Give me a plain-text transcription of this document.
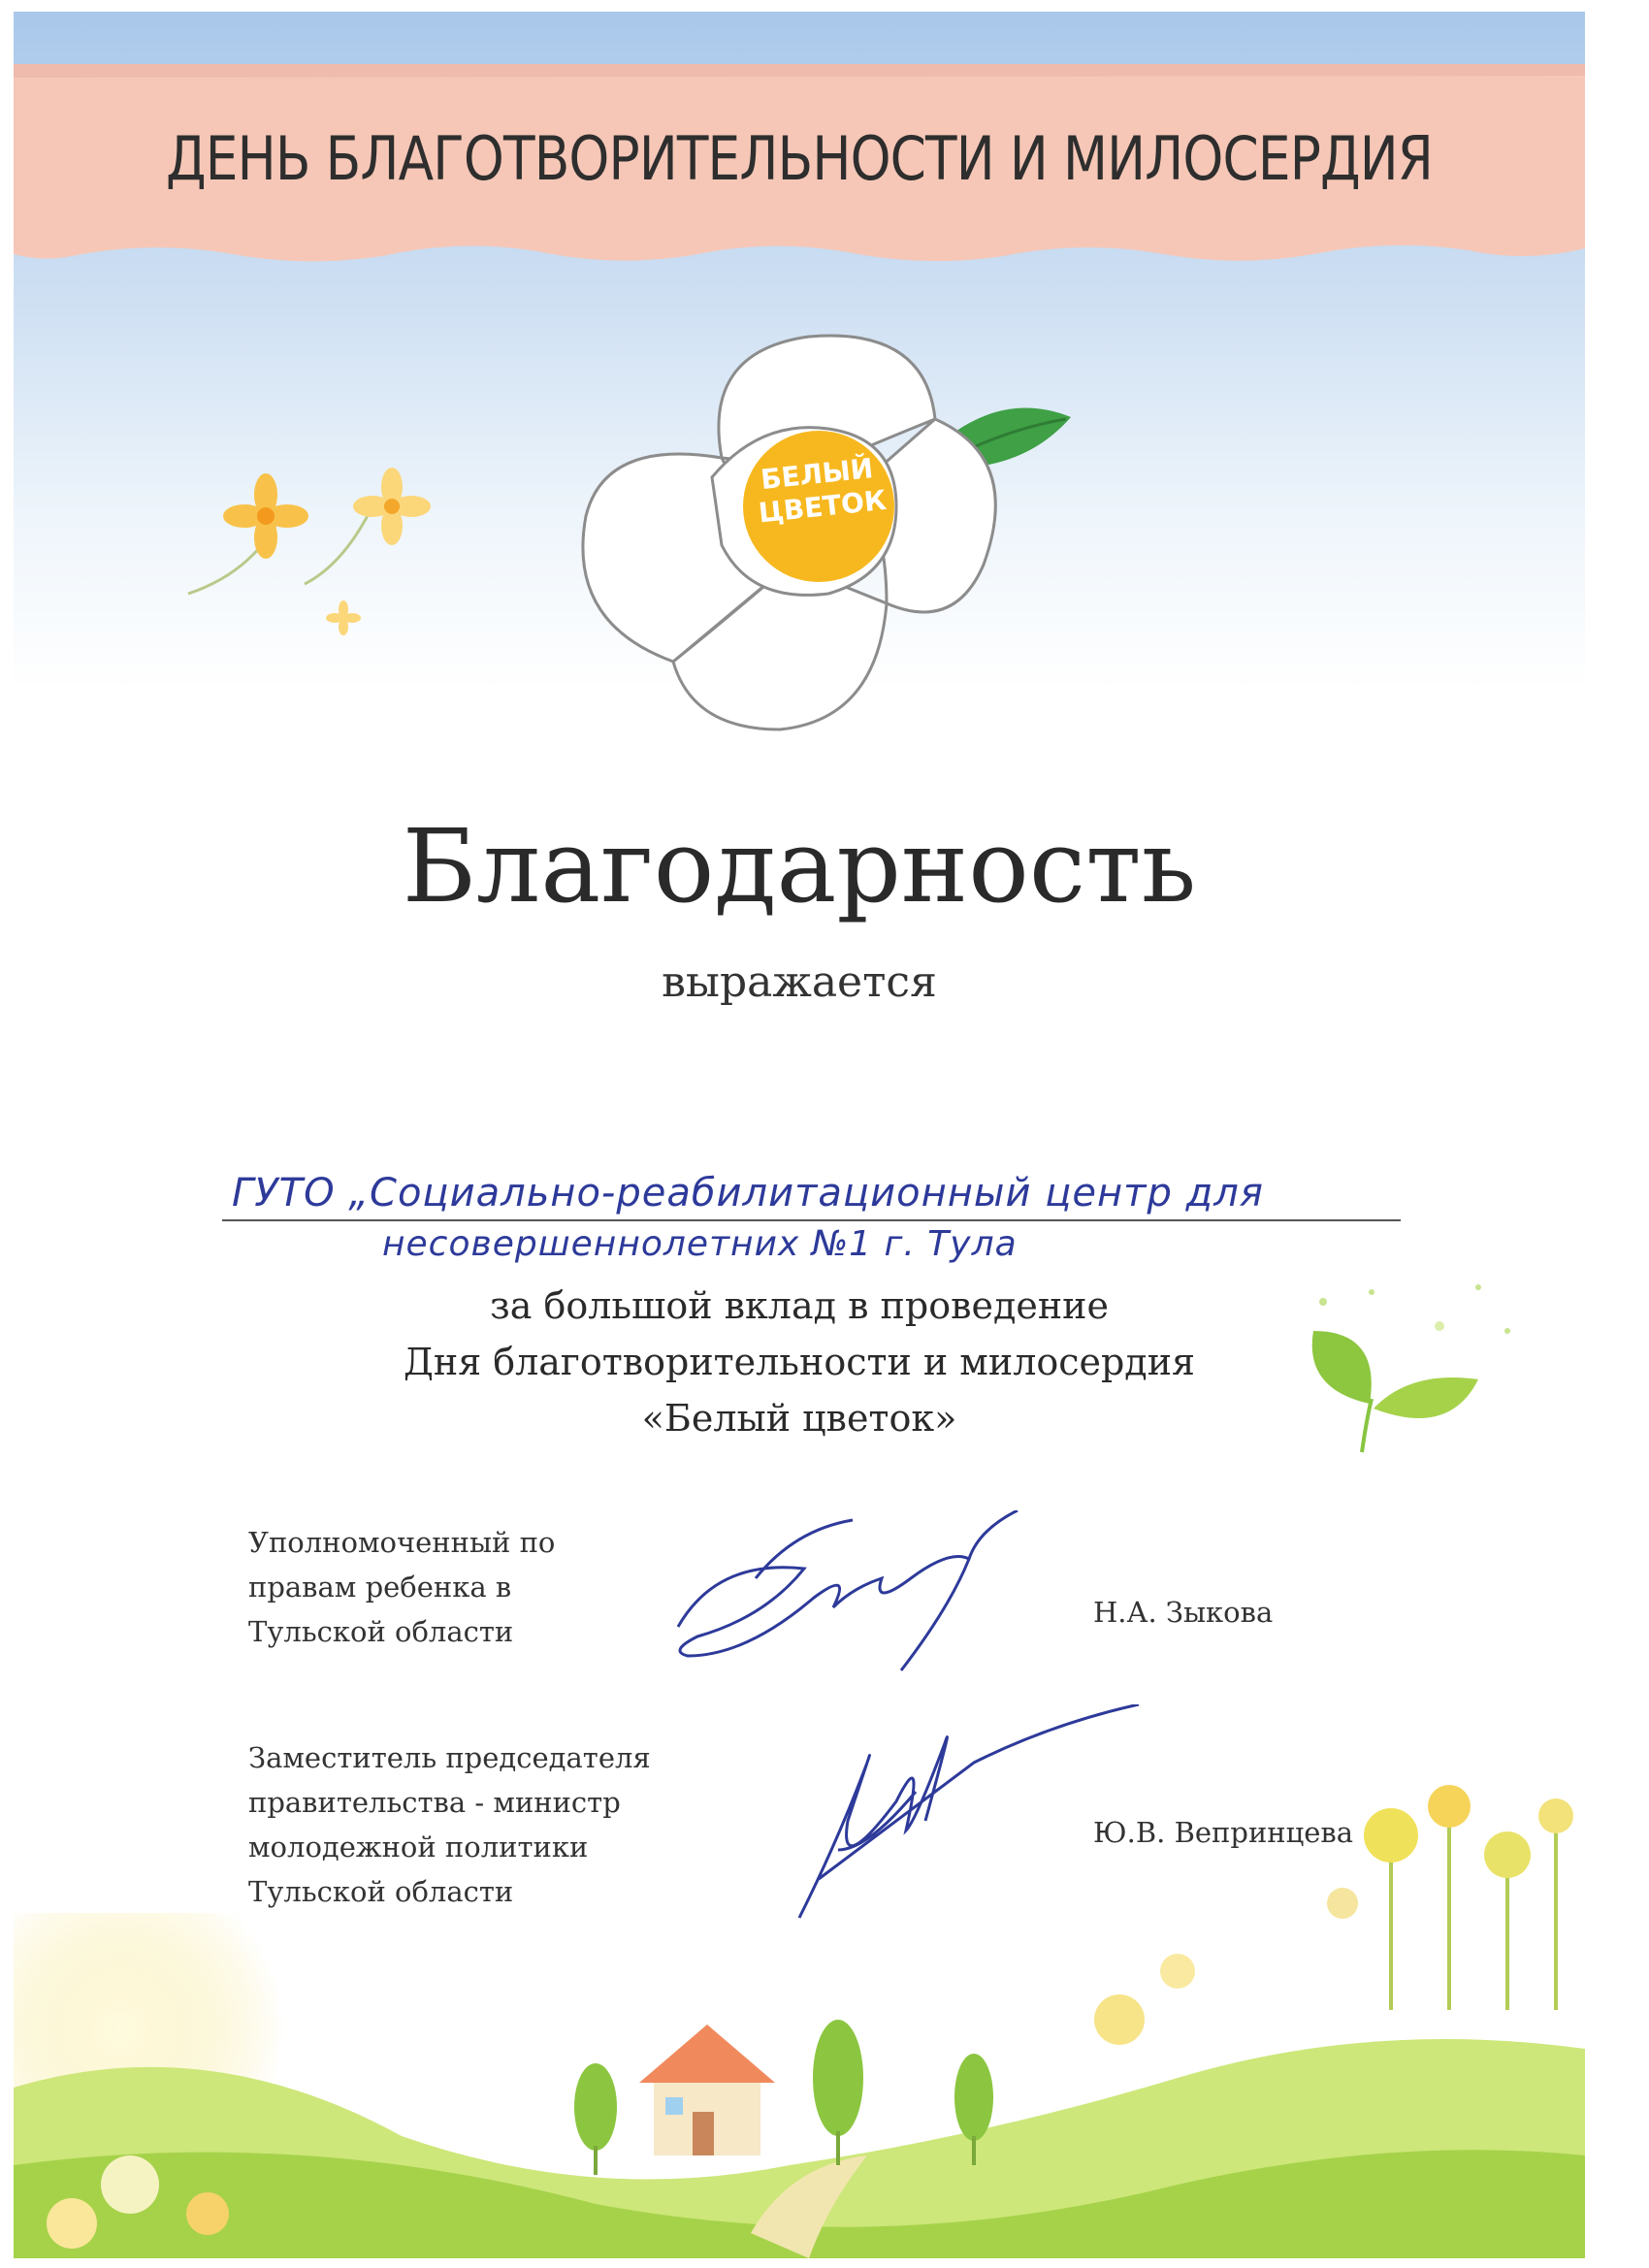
ДЕНЬ БЛАГОТВОРИТЕЛЬНОСТИ И МИЛОСЕРДИЯ
БЕЛЫЙ
ЦВЕТОК
Благодарность
выражается
ГУТО „Социально-реабилитационный центр для
несовершеннолетних №1 г. Тула
за большой вклад в проведение
Дня благотворительности и милосердия
«Белый цветок»
Уполномоченный по
правам ребенка в
Тульской области
Н.А. Зыкова
Заместитель председателя
правительства - министр
молодежной политики
Тульской области
Ю.В. Вепринцева
